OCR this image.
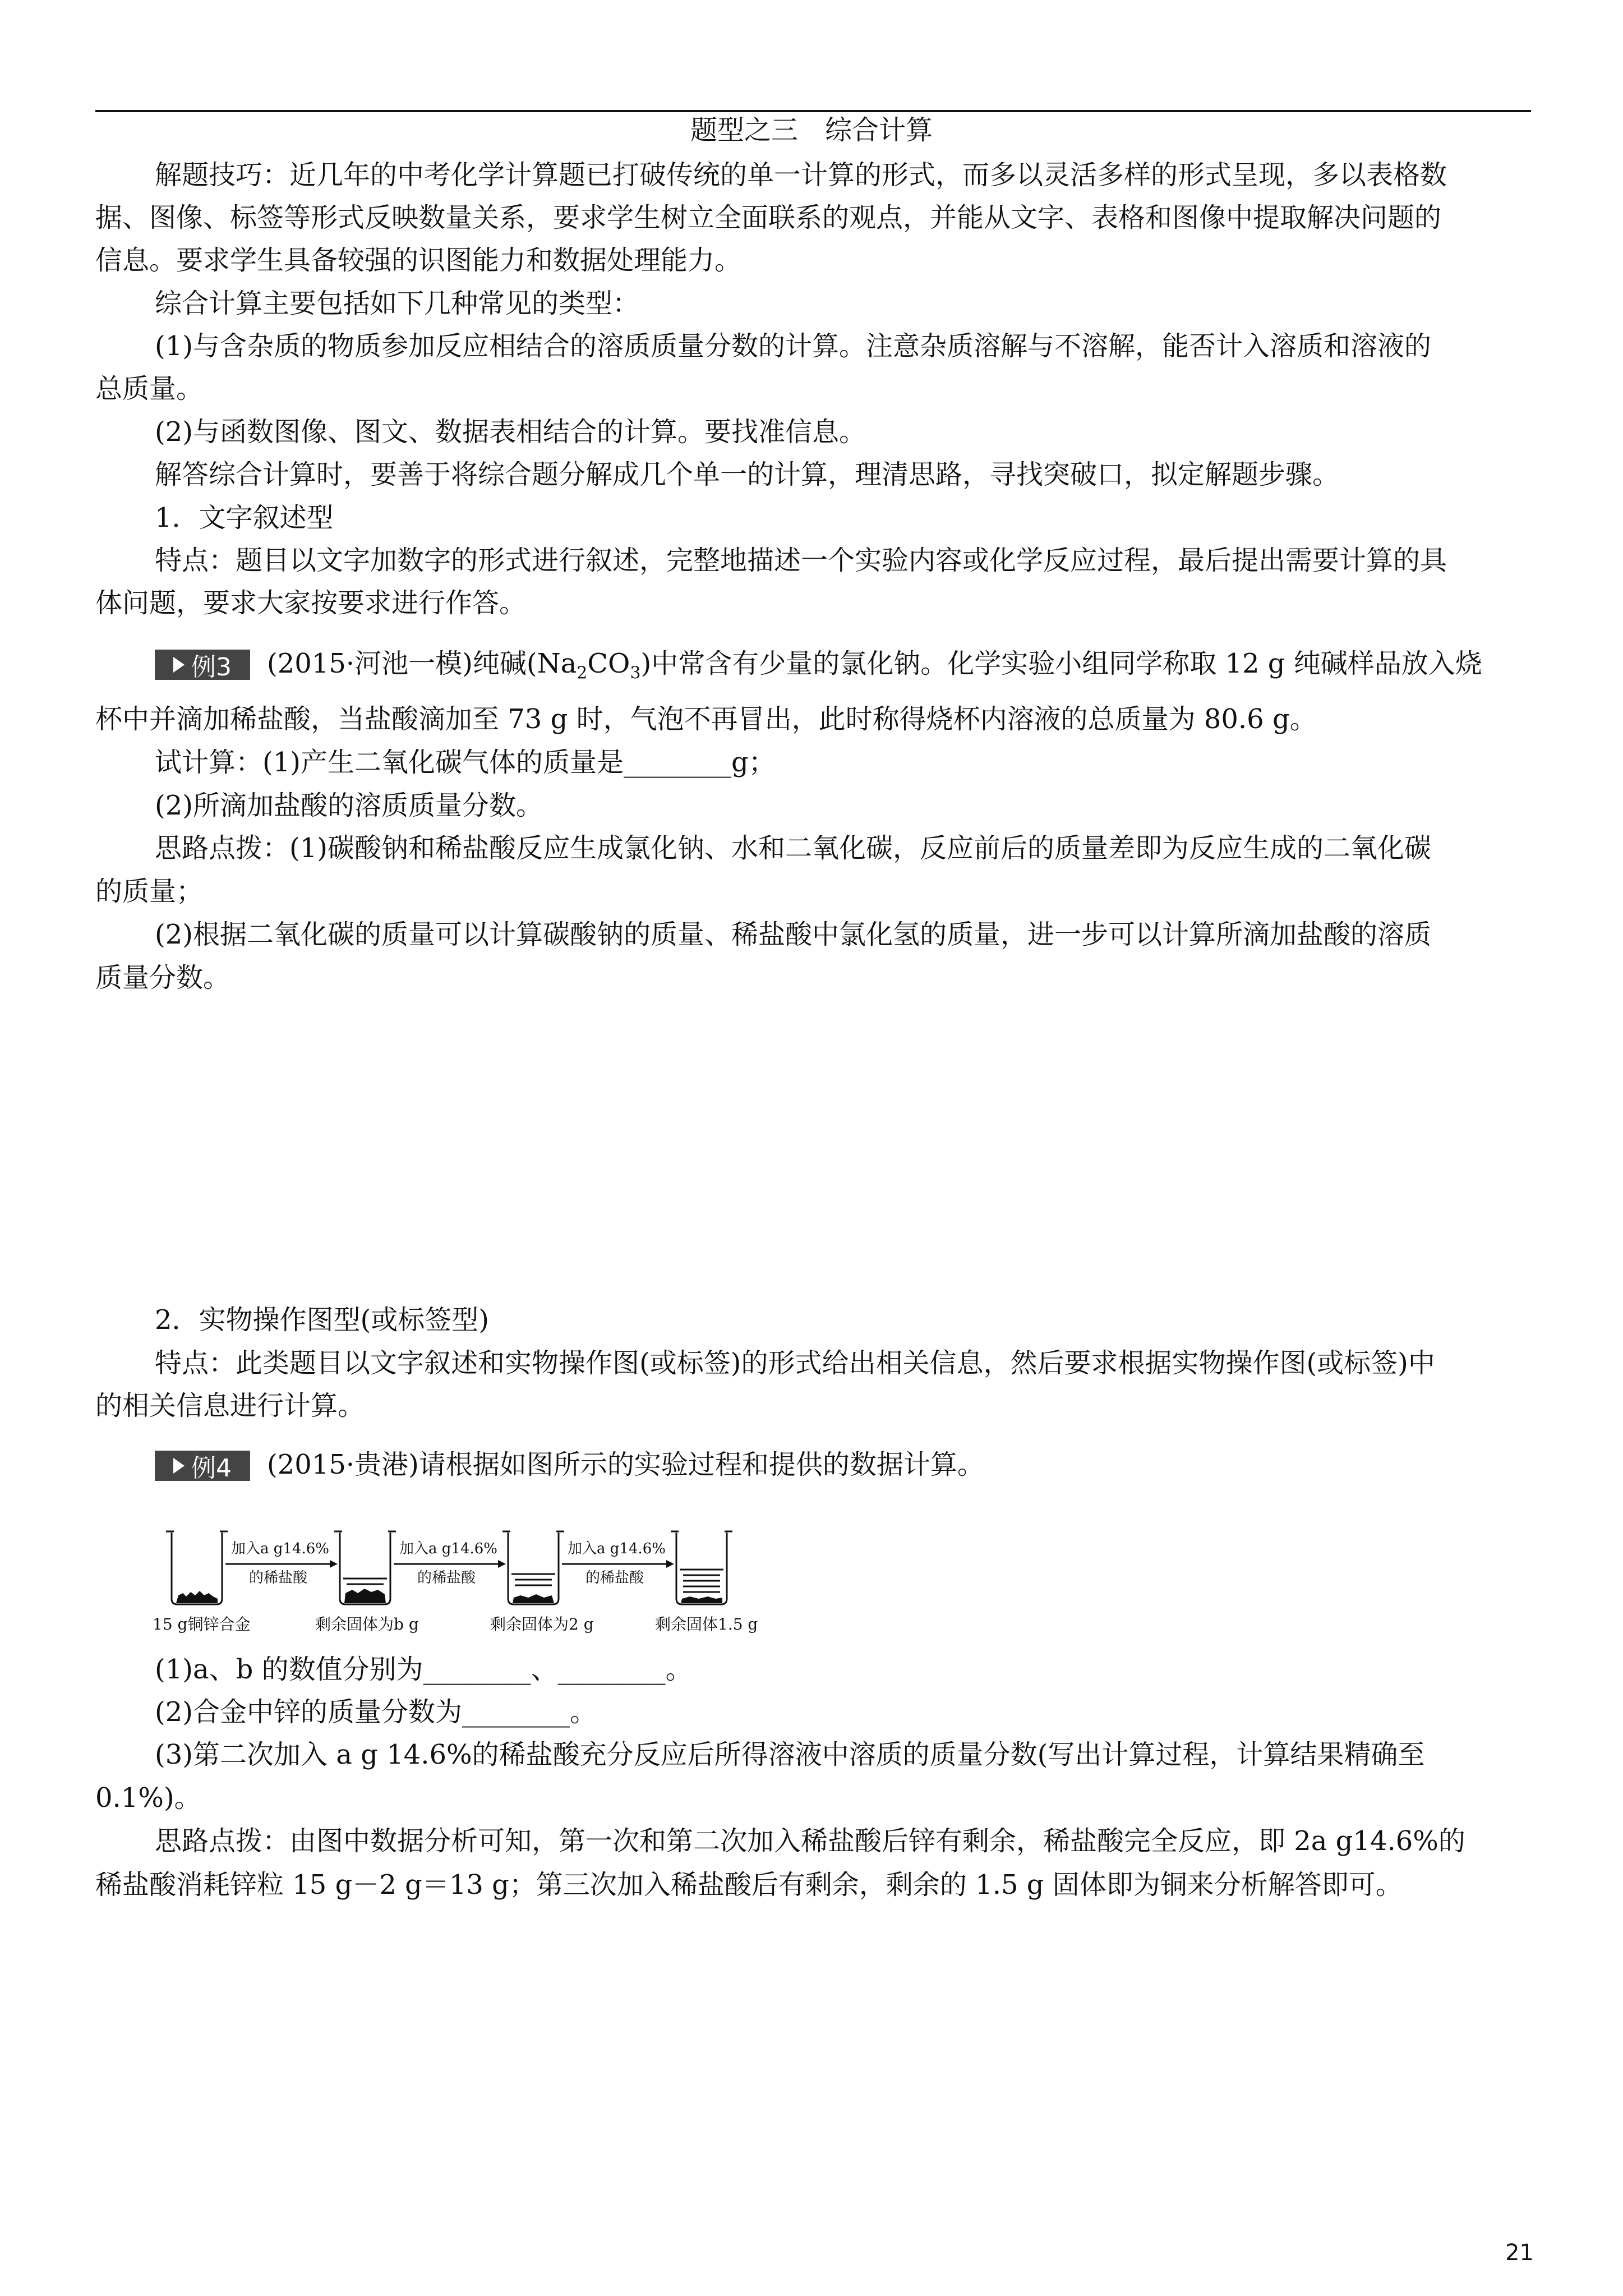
题型之三　综合计算
解题技巧：近几年的中考化学计算题已打破传统的单一计算的形式，而多以灵活多样的形式呈现，多以表格数
据、图像、标签等形式反映数量关系，要求学生树立全面联系的观点，并能从文字、表格和图像中提取解决问题的
信息。要求学生具备较强的识图能力和数据处理能力。
综合计算主要包括如下几种常见的类型：
(1)与含杂质的物质参加反应相结合的溶质质量分数的计算。注意杂质溶解与不溶解，能否计入溶质和溶液的
总质量。
(2)与函数图像、图文、数据表相结合的计算。要找准信息。
解答综合计算时，要善于将综合题分解成几个单一的计算，理清思路，寻找突破口，拟定解题步骤。
1．文字叙述型
特点：题目以文字加数字的形式进行叙述，完整地描述一个实验内容或化学反应过程，最后提出需要计算的具
体问题，要求大家按要求进行作答。
例3 (2015·河池一模)纯碱$(Na_2CO_3)$中常含有少量的氯化钠。化学实验小组同学称取 12 g 纯碱样品放入烧
杯中并滴加稀盐酸，当盐酸滴加至 73 g 时，气泡不再冒出，此时称得烧杯内溶液的总质量为 80.6 g。
试计算：(1)产生二氧化碳气体的质量是________g；
(2)所滴加盐酸的溶质质量分数。
思路点拨：(1)碳酸钠和稀盐酸反应生成氯化钠、水和二氧化碳，反应前后的质量差即为反应生成的二氧化碳
的质量；
(2)根据二氧化碳的质量可以计算碳酸钠的质量、稀盐酸中氯化氢的质量，进一步可以计算所滴加盐酸的溶质
质量分数。
2．实物操作图型(或标签型)
特点：此类题目以文字叙述和实物操作图(或标签)的形式给出相关信息，然后要求根据实物操作图(或标签)中
的相关信息进行计算。
例4 (2015·贵港)请根据如图所示的实验过程和提供的数据计算。
加入a g14.6%
的稀盐酸
加入a g14.6%
的稀盐酸
加入a g14.6%
的稀盐酸
15 g铜锌合金	剩余固体为b g	剩余固体为2 g	剩余固体1.5 g
(1)a、b 的数值分别为________、________。
(2)合金中锌的质量分数为________。
(3)第二次加入 a g 14.6%的稀盐酸充分反应后所得溶液中溶质的质量分数(写出计算过程，计算结果精确至
0.1%)。
思路点拨：由图中数据分析可知，第一次和第二次加入稀盐酸后锌有剩余，稀盐酸完全反应，即 2a g14.6%的
稀盐酸消耗锌粒 15 g－2 g＝13 g；第三次加入稀盐酸后有剩余，剩余的 1.5 g 固体即为铜来分析解答即可。
21
